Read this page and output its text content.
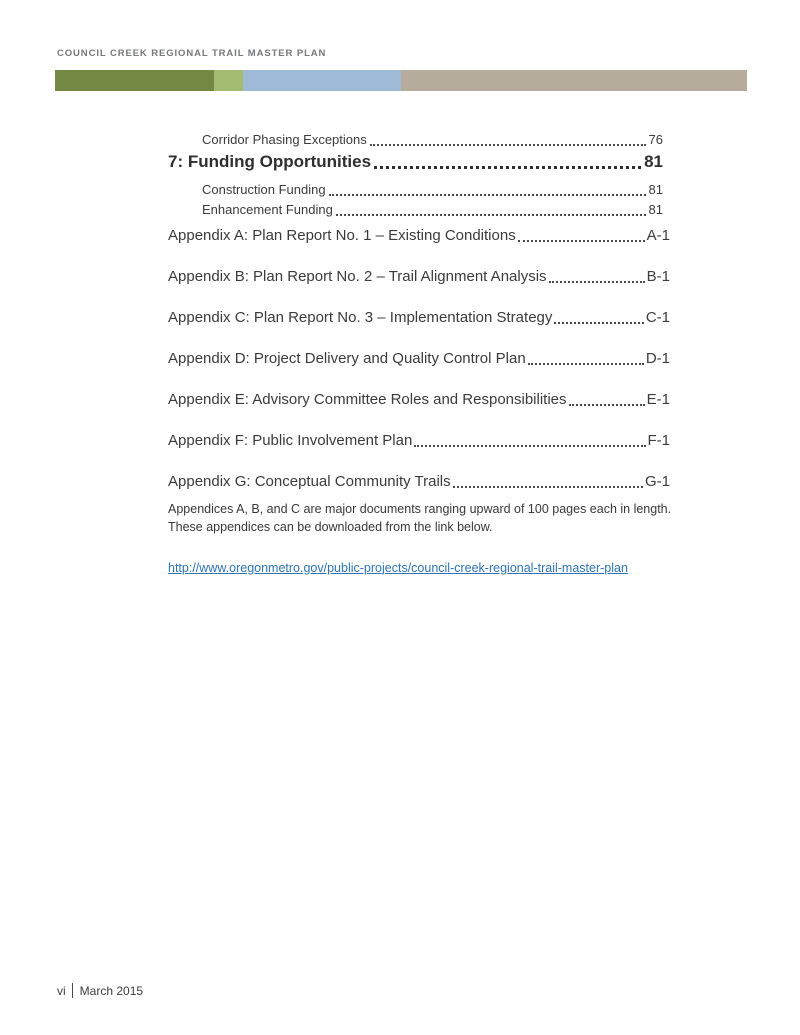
COUNCIL CREEK REGIONAL TRAIL MASTER PLAN
Corridor Phasing Exceptions	76
7: Funding Opportunities	81
Construction Funding	81
Enhancement Funding	81
Appendix A: Plan Report No. 1 – Existing Conditions	A-1
Appendix B: Plan Report No. 2 – Trail Alignment Analysis	B-1
Appendix C: Plan Report No. 3 – Implementation Strategy	C-1
Appendix D: Project Delivery and Quality Control Plan	D-1
Appendix E: Advisory Committee Roles and Responsibilities	E-1
Appendix F: Public Involvement Plan	F-1
Appendix G: Conceptual Community Trails	G-1

Appendices A, B, and C are major documents ranging upward of 100 pages each in length. These appendices can be downloaded from the link below.

http://www.oregonmetro.gov/public-projects/council-creek-regional-trail-master-plan
vi March 2015
